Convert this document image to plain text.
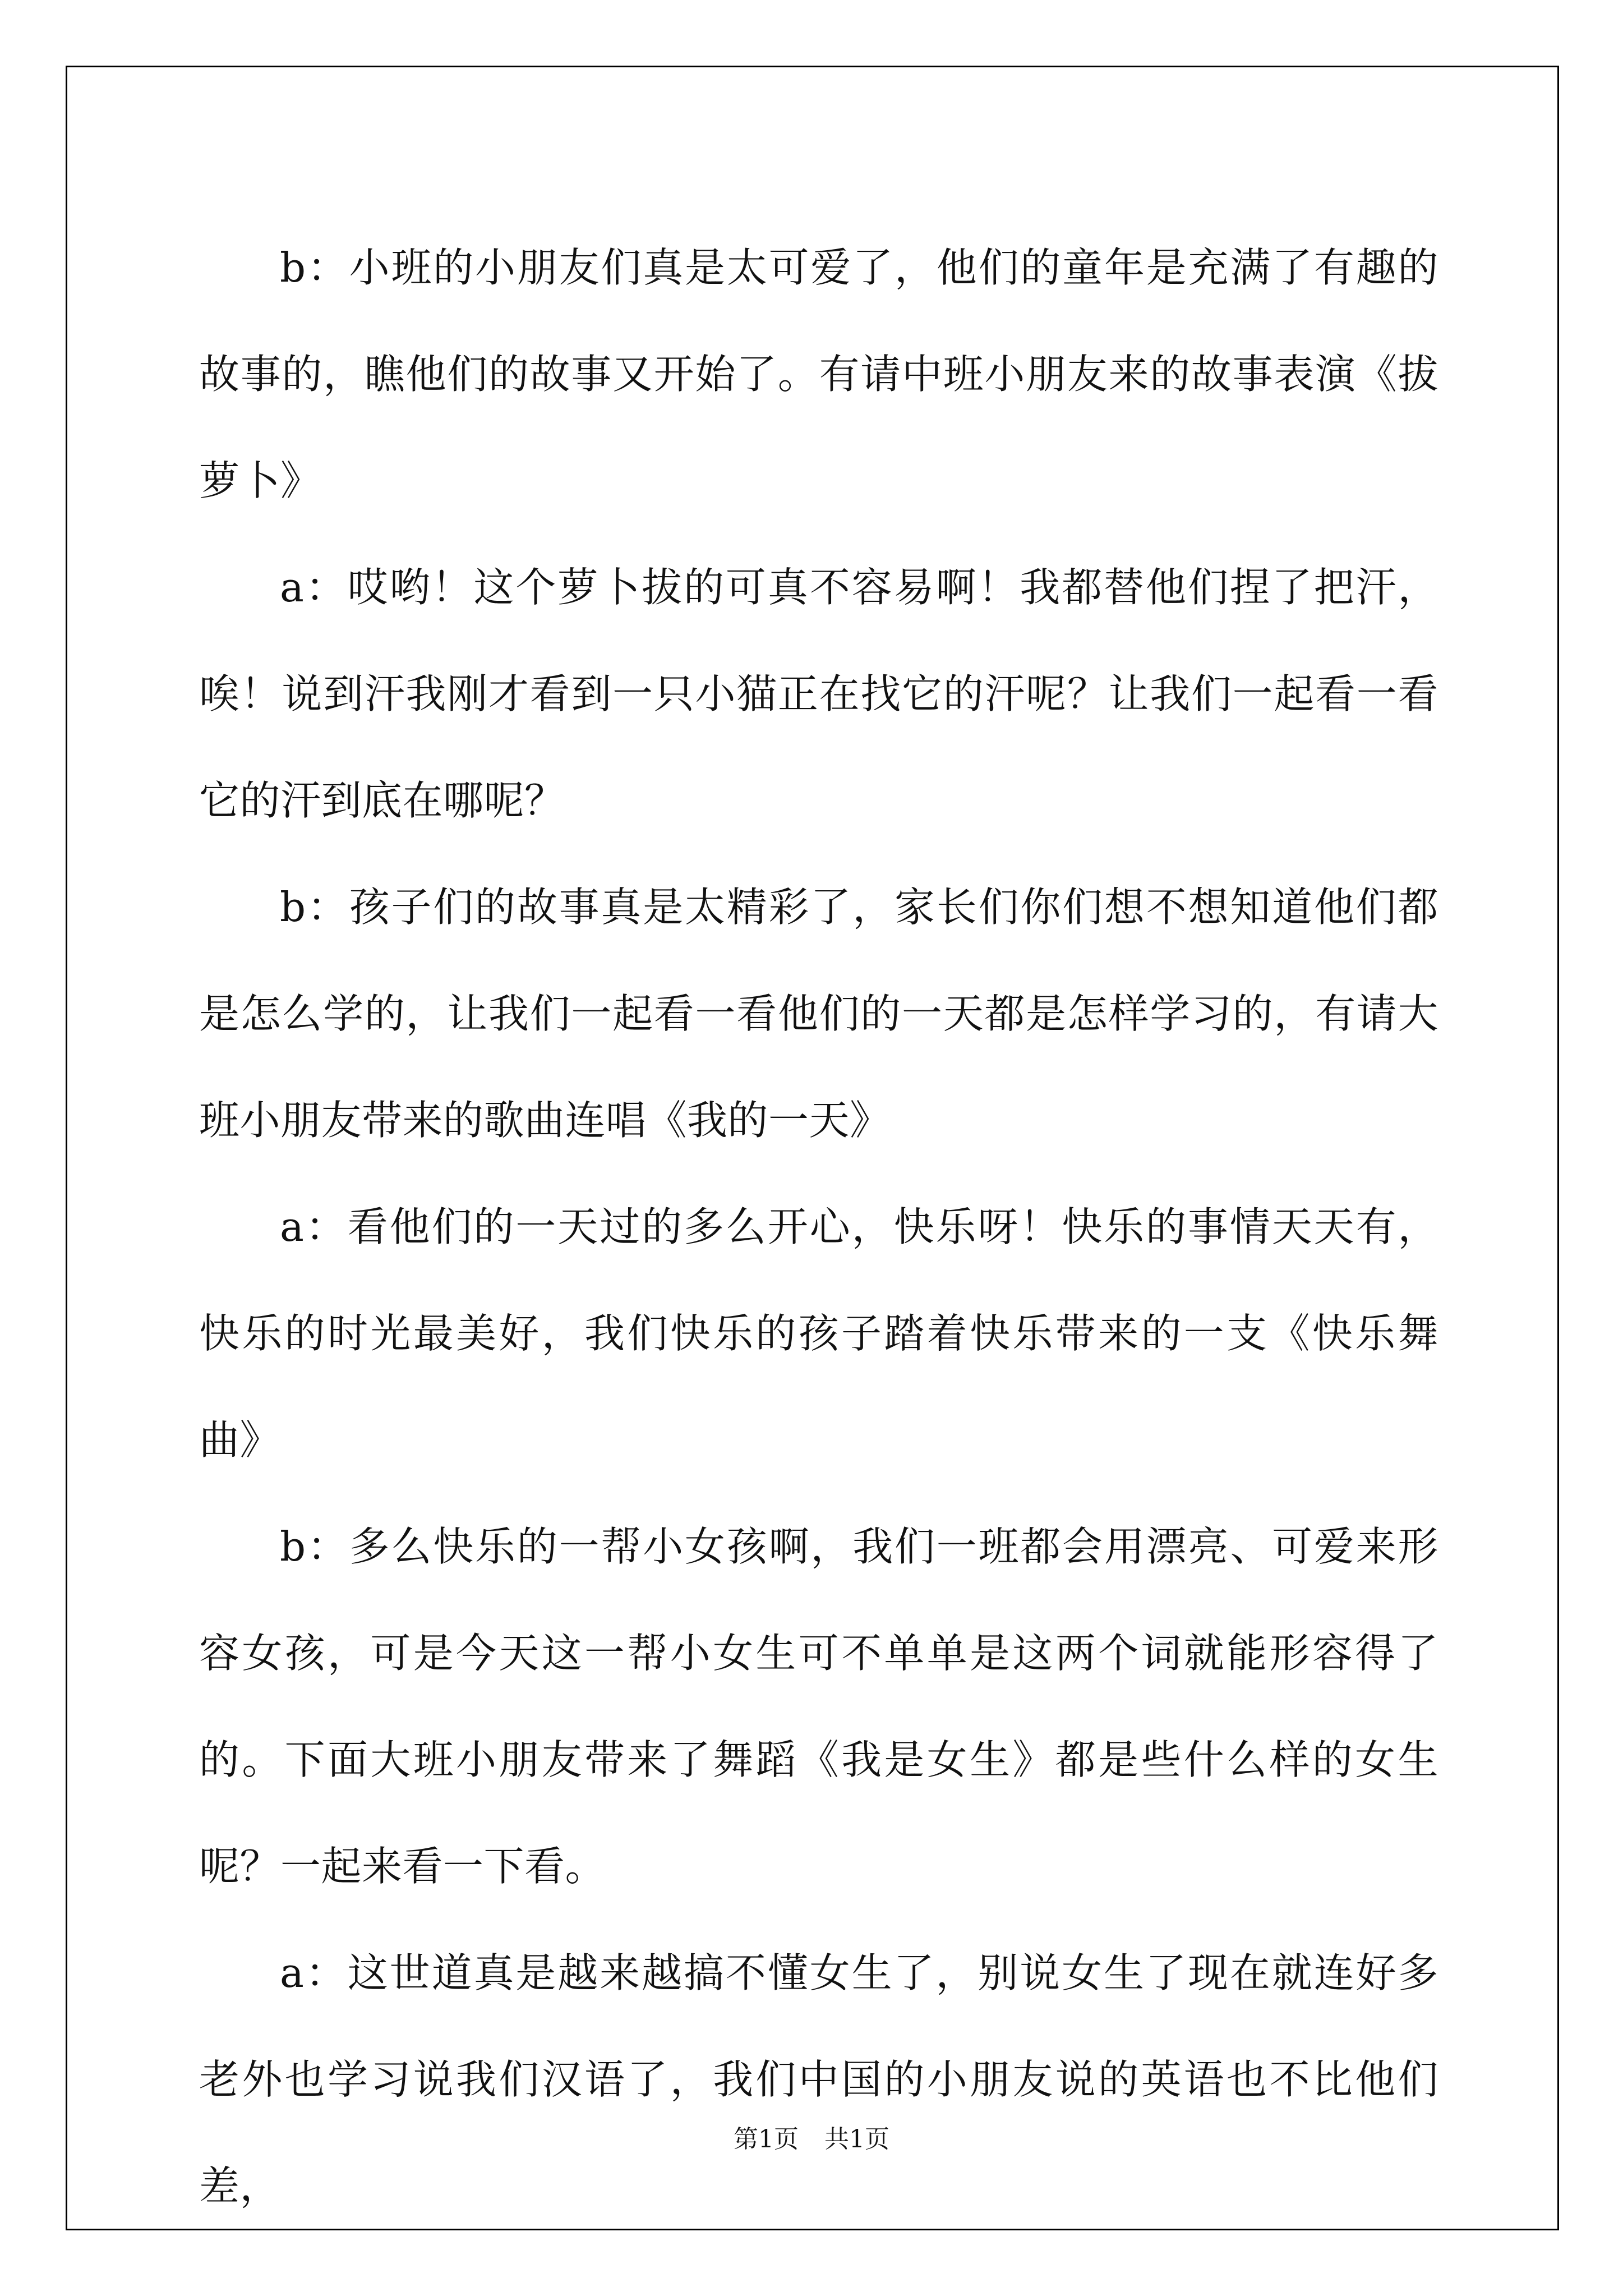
b：小班的小朋友们真是太可爱了，他们的童年是充满了有趣的故事的，瞧他们的故事又开始了。有请中班小朋友来的故事表演《拔萝卜》

a：哎哟！这个萝卜拔的可真不容易啊！我都替他们捏了把汗，唉！说到汗我刚才看到一只小猫正在找它的汗呢？让我们一起看一看它的汗到底在哪呢？

b：孩子们的故事真是太精彩了，家长们你们想不想知道他们都是怎么学的，让我们一起看一看他们的一天都是怎样学习的，有请大班小朋友带来的歌曲连唱《我的一天》

a：看他们的一天过的多么开心，快乐呀！快乐的事情天天有，快乐的时光最美好，我们快乐的孩子踏着快乐带来的一支《快乐舞曲》

b：多么快乐的一帮小女孩啊，我们一班都会用漂亮、可爱来形容女孩，可是今天这一帮小女生可不单单是这两个词就能形容得了的。下面大班小朋友带来了舞蹈《我是女生》都是些什么样的女生呢？一起来看一下看。

a：这世道真是越来越搞不懂女生了，别说女生了现在就连好多老外也学习说我们汉语了，我们中国的小朋友说的英语也不比他们差，

第1页 共1页
